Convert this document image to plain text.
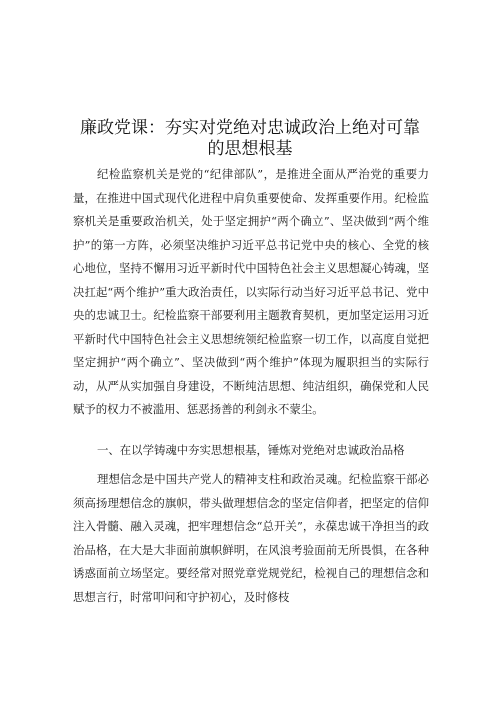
廉政党课：夯实对党绝对忠诚政治上绝对可靠
的思想根基

纪检监察机关是党的“纪律部队”，是推进全面从严治党的重要力量，在推进中国式现代化进程中肩负重要使命、发挥重要作用。纪检监察机关是重要政治机关，处于坚定拥护“两个确立”、坚决做到“两个维护”的第一方阵，必须坚决维护习近平总书记党中央的核心、全党的核心地位，坚持不懈用习近平新时代中国特色社会主义思想凝心铸魂，坚决扛起“两个维护”重大政治责任，以实际行动当好习近平总书记、党中央的忠诚卫士。纪检监察干部要利用主题教育契机，更加坚定运用习近平新时代中国特色社会主义思想统领纪检监察一切工作，以高度自觉把坚定拥护“两个确立”、坚决做到“两个维护”体现为履职担当的实际行动，从严从实加强自身建设，不断纯洁思想、纯洁组织，确保党和人民赋予的权力不被滥用、惩恶扬善的利剑永不蒙尘。

一、在以学铸魂中夯实思想根基，锤炼对党绝对忠诚政治品格

理想信念是中国共产党人的精神支柱和政治灵魂。纪检监察干部必须高扬理想信念的旗帜，带头做理想信念的坚定信仰者，把坚定的信仰注入骨髓、融入灵魂，把牢理想信念“总开关”，永葆忠诚干净担当的政治品格，在大是大非面前旗帜鲜明，在风浪考验面前无所畏惧，在各种诱惑面前立场坚定。要经常对照党章党规党纪，检视自己的理想信念和思想言行，时常叩问和守护初心，及时修枝
